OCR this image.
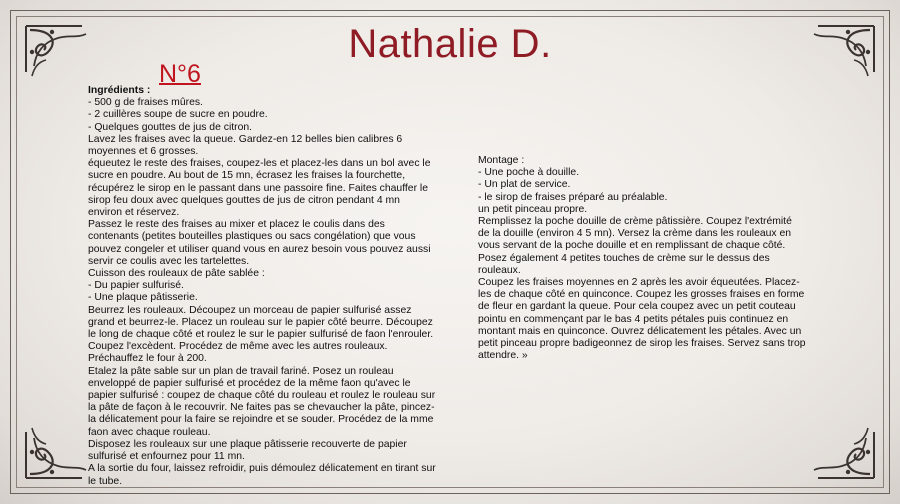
Nathalie D.
N°6
Ingrédients :
- 500 g de fraises mûres.
- 2 cuillères soupe de sucre en poudre.
- Quelques gouttes de jus de citron.
Lavez les fraises avec la queue. Gardez-en 12 belles bien calibres 6
moyennes et 6 grosses.
équeutez le reste des fraises, coupez-les et placez-les dans un bol avec le
sucre en poudre. Au bout de 15 mn, écrasez les fraises la fourchette,
récupérez le sirop en le passant dans une passoire fine. Faites chauffer le
sirop feu doux avec quelques gouttes de jus de citron pendant 4 mn
environ et réservez.
Passez le reste des fraises au mixer et placez le coulis dans des
contenants (petites bouteilles plastiques ou sacs congélation) que vous
pouvez congeler et utiliser quand vous en aurez besoin vous pouvez aussi
servir ce coulis avec les tartelettes.
Cuisson des rouleaux de pâte sablée :
- Du papier sulfurisé.
- Une plaque pâtisserie.
Beurrez les rouleaux. Découpez un morceau de papier sulfurisé assez
grand et beurrez-le. Placez un rouleau sur le papier côté beurre. Découpez
le long de chaque côté et roulez le sur le papier sulfurisé de faon l'enrouler.
Coupez l'excèdent. Procédez de même avec les autres rouleaux.
Préchauffez le four à 200.
Etalez la pâte sable sur un plan de travail fariné. Posez un rouleau
enveloppé de papier sulfurisé et procédez de la même faon qu'avec le
papier sulfurisé : coupez de chaque côté du rouleau et roulez le rouleau sur
la pâte de façon à le recouvrir. Ne faites pas se chevaucher la pâte, pincez-
la délicatement pour la faire se rejoindre et se souder. Procédez de la mme
faon avec chaque rouleau.
Disposez les rouleaux sur une plaque pâtisserie recouverte de papier
sulfurisé et enfournez pour 11 mn.
A la sortie du four, laissez refroidir, puis démoulez délicatement en tirant sur
le tube.
Montage :
- Une poche à douille.
- Un plat de service.
- le sirop de fraises préparé au préalable.
un petit pinceau propre.
Remplissez la poche douille de crème pâtissière. Coupez l'extrémité
de la douille (environ 4 5 mn). Versez la crème dans les rouleaux en
vous servant de la poche douille et en remplissant de chaque côté.
Posez également 4 petites touches de crème sur le dessus des
rouleaux.
Coupez les fraises moyennes en 2 après les avoir équeutées. Placez-
les de chaque côté en quinconce. Coupez les grosses fraises en forme
de fleur en gardant la queue. Pour cela coupez avec un petit couteau
pointu en commençant par le bas 4 petits pétales puis continuez en
montant mais en quinconce. Ouvrez délicatement les pétales. Avec un
petit pinceau propre badigeonnez de sirop les fraises. Servez sans trop
attendre. »
